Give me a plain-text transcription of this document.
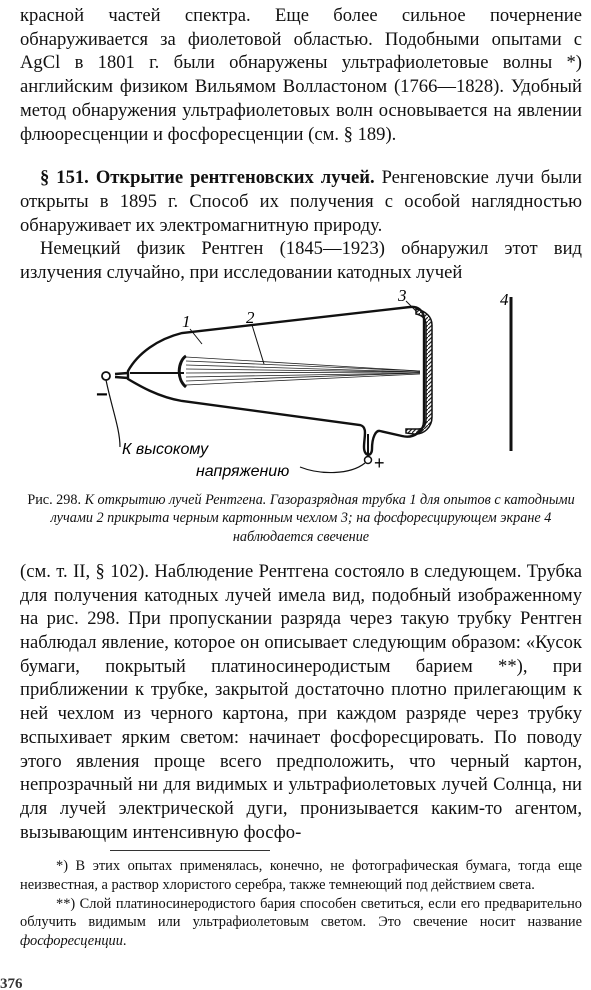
красной частей спектра. Еще более сильное почернение обнаруживается за фиолетовой областью. Подобными опытами с AgCl в 1801 г. были обнаружены ультрафиолетовые волны *) английским физиком Вильямом Волластоном (1766—1828). Удобный метод обнаружения ультрафиолетовых волн основывается на явлении флюоресценции и фосфоресценции (см. § 189).

§ 151. Открытие рентгеновских лучей. Ренгеновские лучи были открыты в 1895 г. Способ их получения с особой наглядностью обнаруживает их электромагнитную природу.

Немецкий физик Рентген (1845—1923) обнаружил этот вид излучения случайно, при исследовании катодных лучей

1	2
3	4
−
+
К высокому
напряжению

Рис. 298. К открытию лучей Рентгена. Газоразрядная трубка 1 для опытов с катодными лучами 2 прикрыта черным картонным чехлом 3; на фосфоресцирующем экране 4 наблюдается свечение

(см. т. II, § 102). Наблюдение Рентгена состояло в следующем. Трубка для получения катодных лучей имела вид, подобный изображенному на рис. 298. При пропускании разряда через такую трубку Рентген наблюдал явление, которое он описывает следующим образом: «Кусок бумаги, покрытый платиносинеродистым барием **), при приближении к трубке, закрытой достаточно плотно прилегающим к ней чехлом из черного картона, при каждом разряде через трубку вспыхивает ярким светом: начинает фосфоресцировать. По поводу этого явления проще всего предположить, что черный картон, непрозрачный ни для видимых и ультрафиолетовых лучей Солнца, ни для лучей электрической дуги, пронизывается каким-то агентом, вызывающим интенсивную фосфо-

*) В этих опытах применялась, конечно, не фотографическая бумага, тогда еще неизвестная, а раствор хлористого серебра, также темнеющий под действием света.

**) Слой платиносинеродистого бария способен светиться, если его предварительно облучить видимым или ультрафиолетовым светом. Это свечение носит название фосфоресценции.

376
